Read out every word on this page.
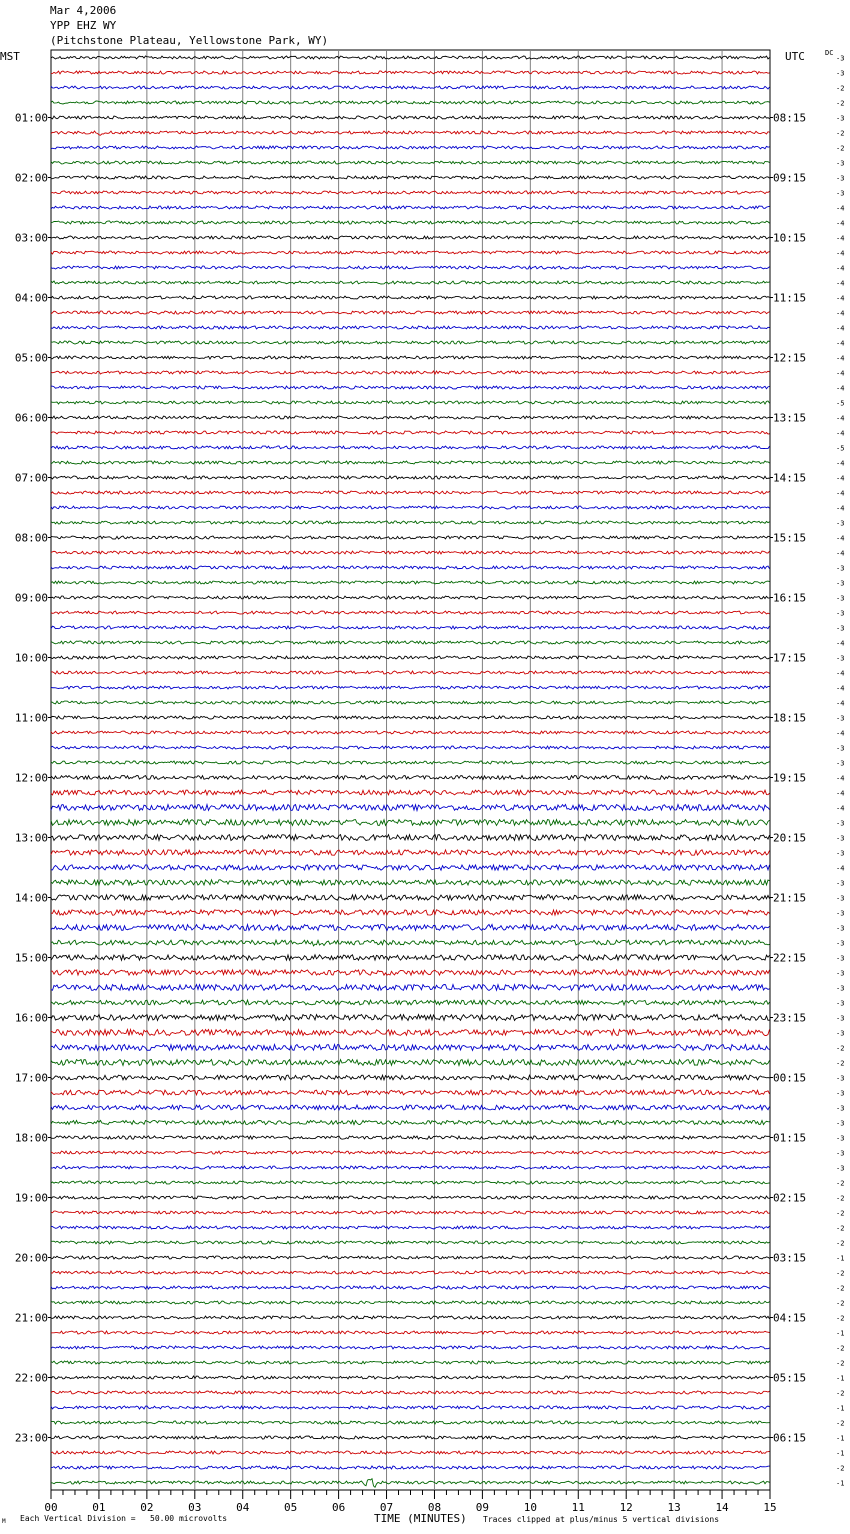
Mar 4,2006
YPP EHZ WY
(Pitchstone Plateau, Yellowstone Park, WY)
MST	UTC	DC
-3
-3
-2
-2
-3
-2
-2
-3
-3
-3
-4
-4
-4
-4
-4
-4
-4
-4
-4
-4
-4
-4
-4
-5
-4
-4
-5
-4
-4
-4
-4
-3
-4
-4
-3
-3
-3
-3
-3
-4
-3
-4
-4
-4
-3
-4
-3
-3
-4
-4
-4
-3
-3
-3
-4
-3
-3
-3
-3
-3
-3
-3
-3
-3
-3
-3
-2
-2
-3
-3
-3
-3
-3
-3
-3
-2
-2
-2
-2
-2
-1
-2
-2
-2
-2
-1
-2
-2
-1
-2
-1
-2
-1
-1
-2
-1
01:00	08:15
02:00	09:15
03:00	10:15
04:00	11:15
05:00	12:15
06:00	13:15
07:00	14:15
08:00	15:15
09:00	16:15
10:00	17:15
11:00	18:15
12:00	19:15
13:00	20:15
14:00	21:15
15:00	22:15
16:00	23:15
17:00	00:15
18:00	01:15
19:00	02:15
20:00	03:15
21:00	04:15
22:00	05:15
23:00	06:15
00	01	02	03	04	05	06	07	08	09	10	11	12	13	14	15
M Each Vertical Division =   50.00 microvolts	TIME (MINUTES) Traces clipped at plus/minus 5 vertical divisions
